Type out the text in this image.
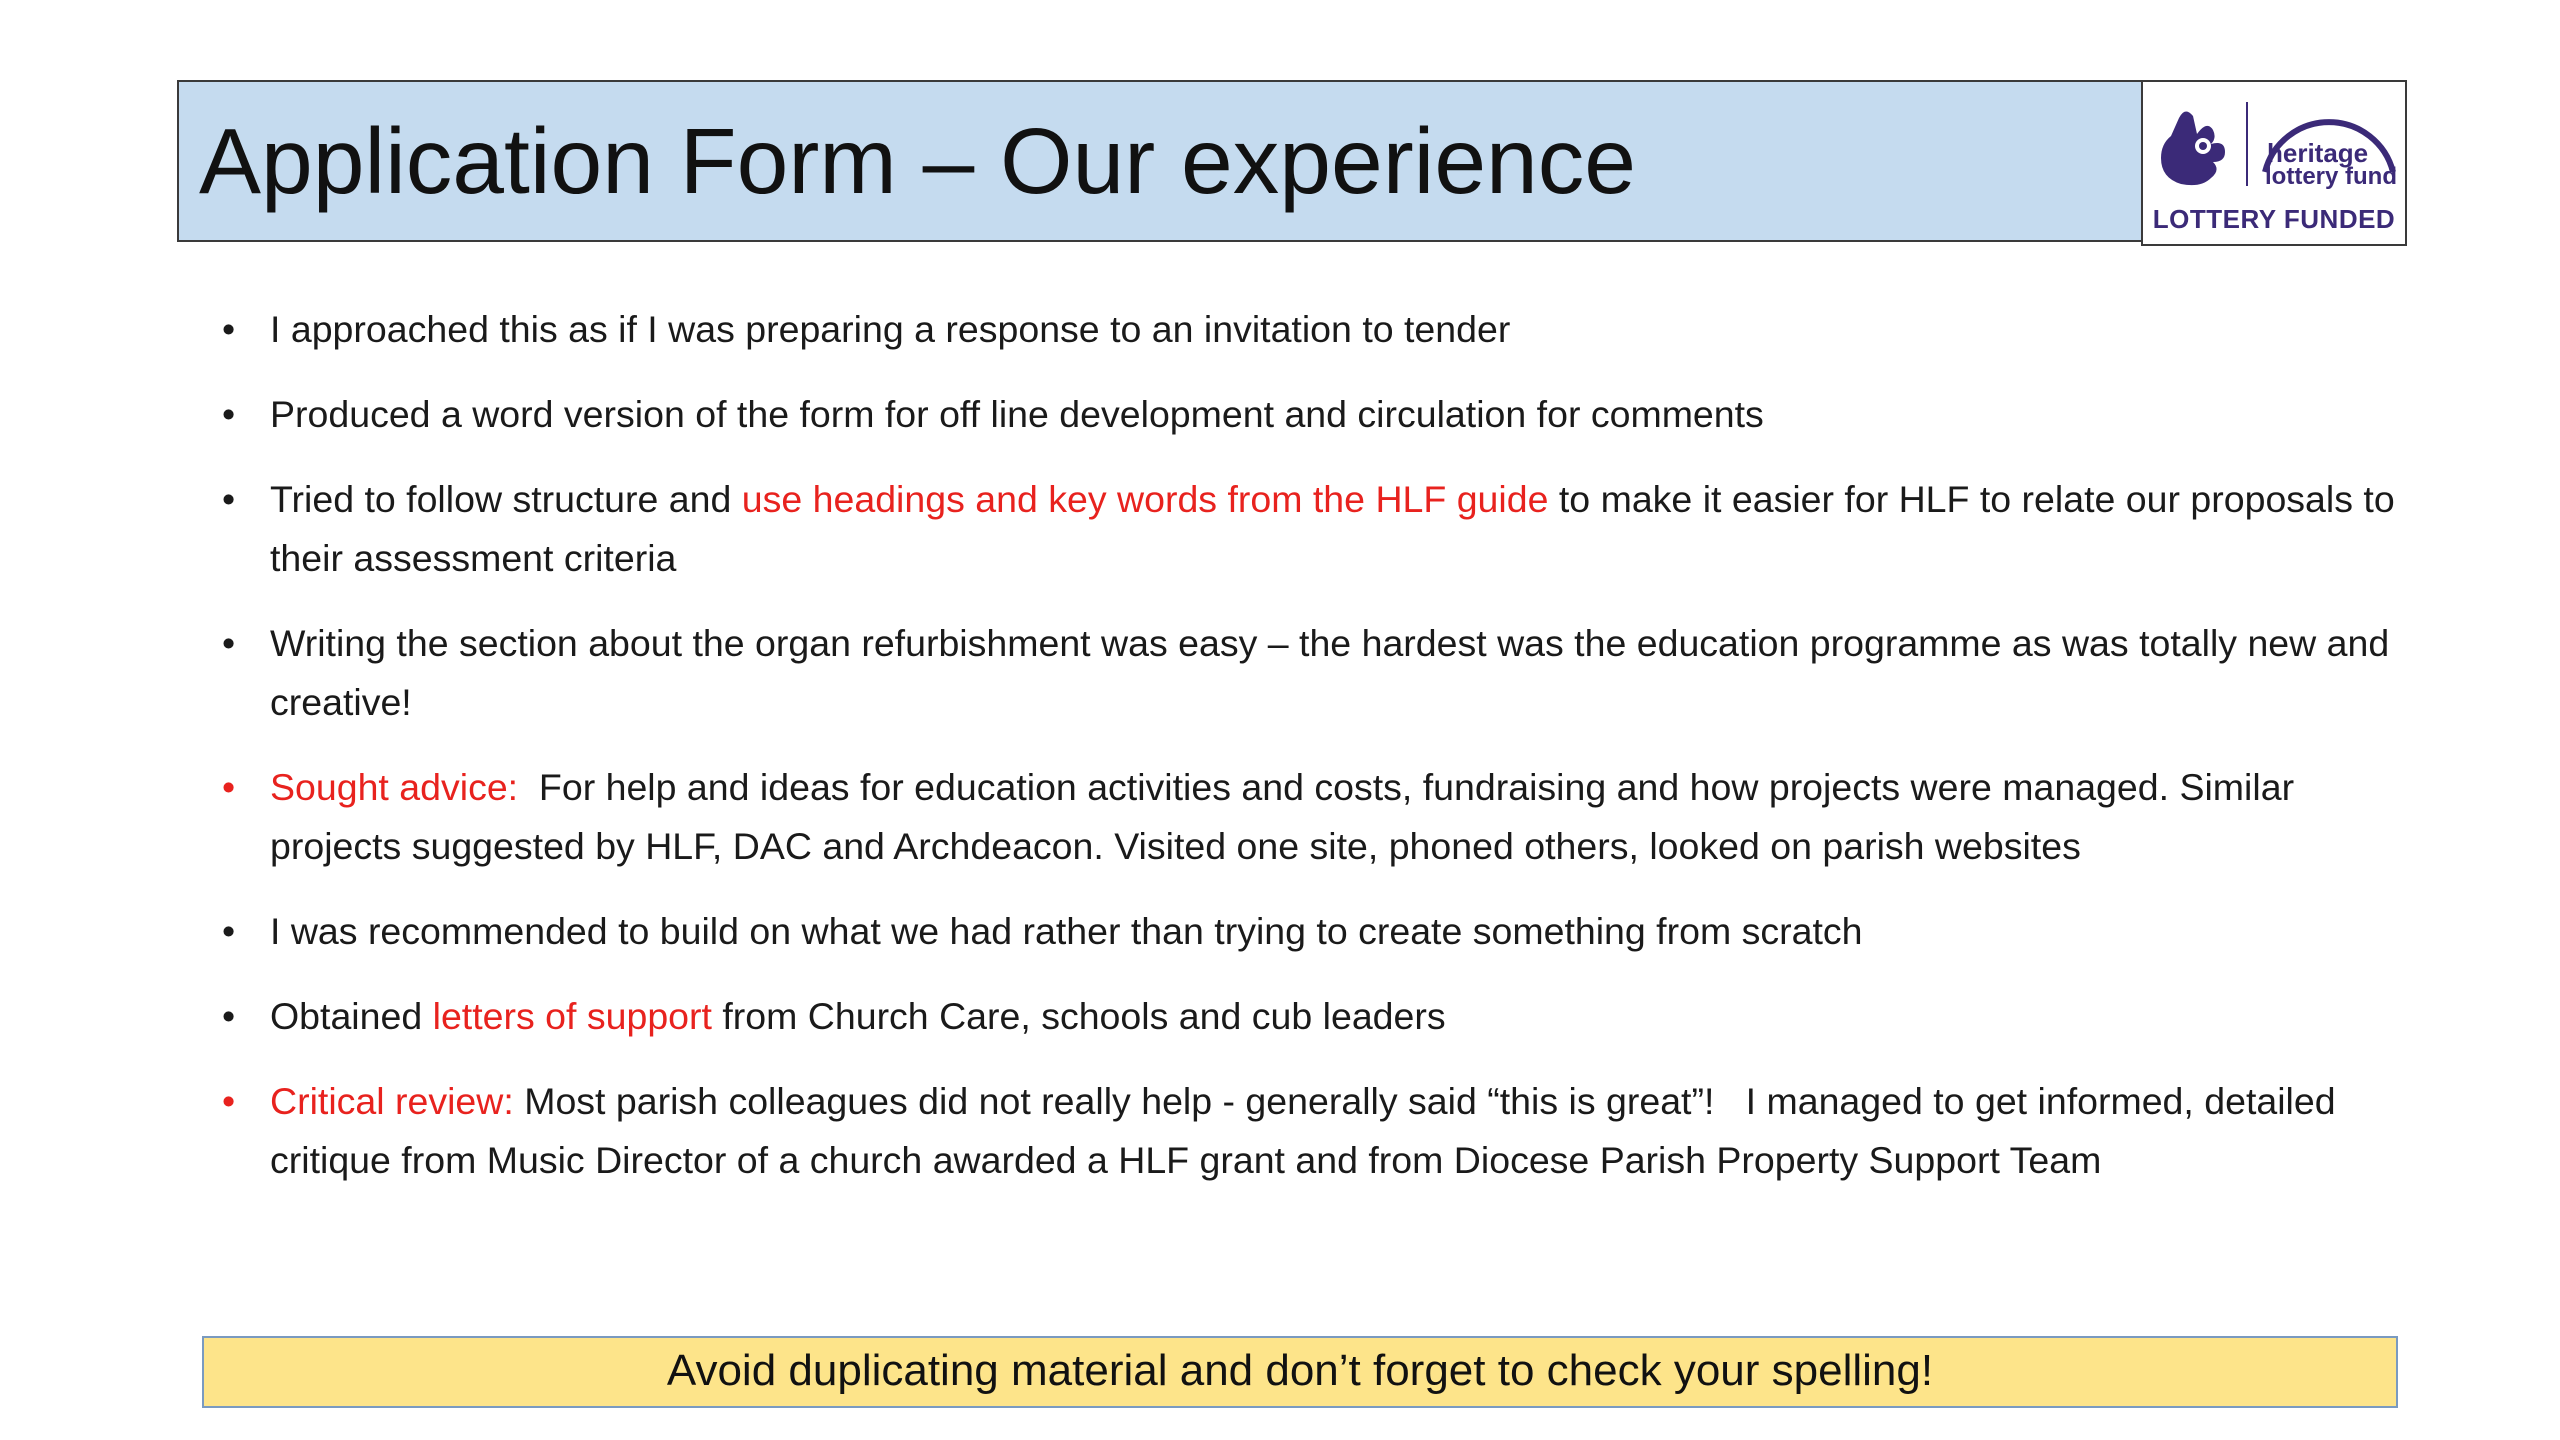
Application Form – Our experience	heritage
lottery fund
LOTTERY FUNDED
• I approached this as if I was preparing a response to an invitation to tender
• Produced a word version of the form for off line development and circulation for comments
• Tried to follow structure and use headings and key words from the HLF guide to make it easier for HLF to relate our proposals to their assessment criteria
• Writing the section about the organ refurbishment was easy – the hardest was the education programme as was totally new and creative!
• Sought advice:  For help and ideas for education activities and costs, fundraising and how projects were managed. Similar projects suggested by HLF, DAC and Archdeacon. Visited one site, phoned others, looked on parish websites
• I was recommended to build on what we had rather than trying to create something from scratch
• Obtained letters of support from Church Care, schools and cub leaders
• Critical review: Most parish colleagues did not really help - generally said “this is great”!   I managed to get informed, detailed critique from Music Director of a church awarded a HLF grant and from Diocese Parish Property Support Team
Avoid duplicating material and don’t forget to check your spelling!
